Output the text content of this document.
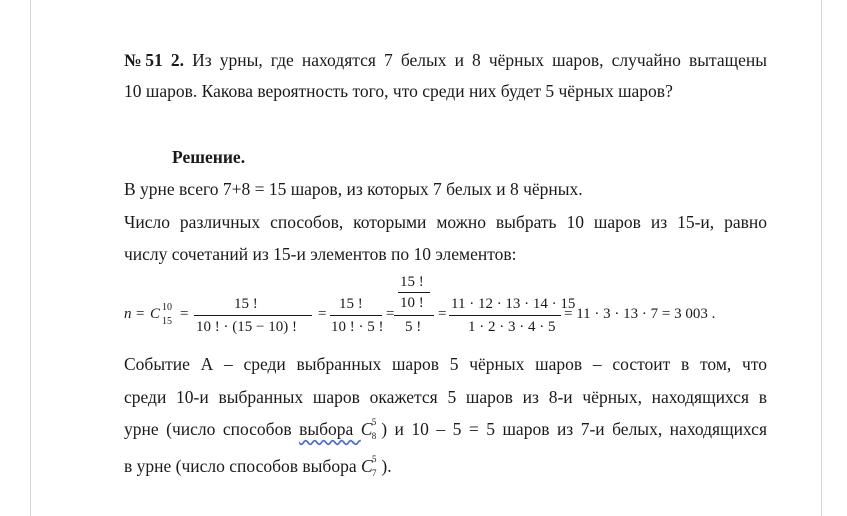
№51 2. Из урны, где находятся 7 белых и 8 чёрных шаров, случайно вытащены
10 шаров. Какова вероятность того, что среди них будет 5 чёрных шаров?
Решение.
В урне всего 7+8 = 15 шаров, из которых 7 белых и 8 чёрных.
Число различных способов, которыми можно выбрать 10 шаров из 15-и, равно
числу сочетаний из 15-и элементов по 10 элементов:
n = C 10
15 =
15 !
10 ! · (15 − 10) !
=
15 !
10 ! · 5 !
=
15 !
10 !
5 !
=
11 · 12 · 13 · 14 · 15
1 · 2 · 3 · 4 · 5
= 11 · 3 · 13 · 7 = 3 003 .
Событие А – среди выбранных шаров 5 чёрных шаров – состоит в том, что
среди 10-и выбранных шаров окажется 5 шаров из 8-и чёрных, находящихся в
урне (число способов выбора C 5
8 ) и 10 – 5 = 5 шаров из 7-и белых, находящихся
в урне (число способов выбора C 5
7 ).
